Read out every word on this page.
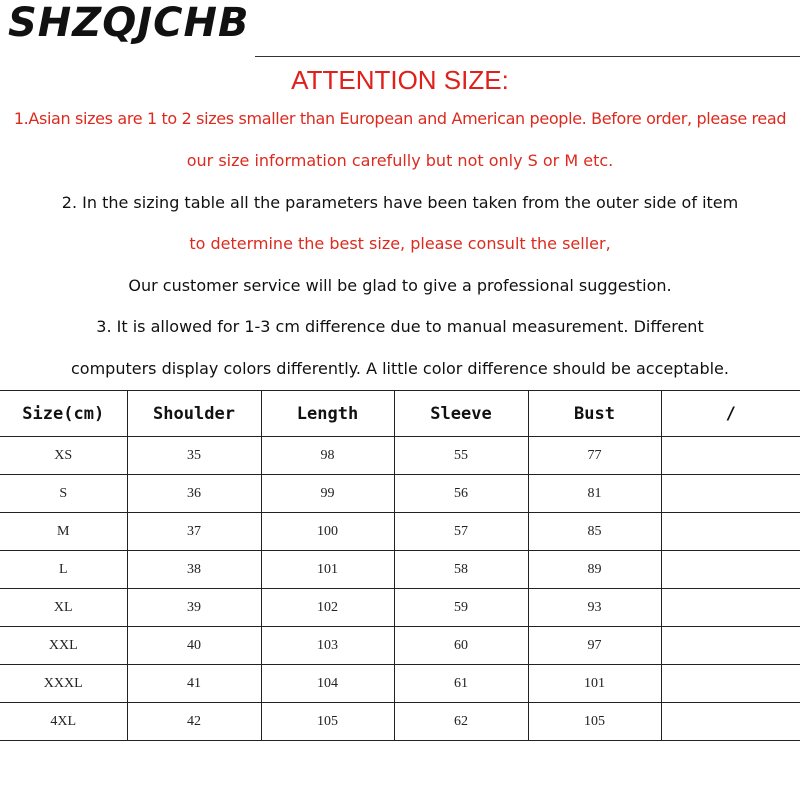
SHZQJCHB
ATTENTION SIZE:
1.Asian sizes are 1 to 2 sizes smaller than European and American people. Before order, please read
our size information carefully but not only S or M etc.
2. In the sizing table all the parameters have been taken from the outer side of item
to determine the best size, please consult the seller,
Our customer service will be glad to give a professional suggestion.
3. It is allowed for 1-3 cm difference due to manual measurement. Different
computers display colors differently. A little color difference should be acceptable.
Size(cm)	Shoulder	Length	Sleeve	Bust	/
XS	35	98	55	77	
S	36	99	56	81	
M	37	100	57	85	
L	38	101	58	89	
XL	39	102	59	93	
XXL	40	103	60	97	
XXXL	41	104	61	101	
4XL	42	105	62	105	
